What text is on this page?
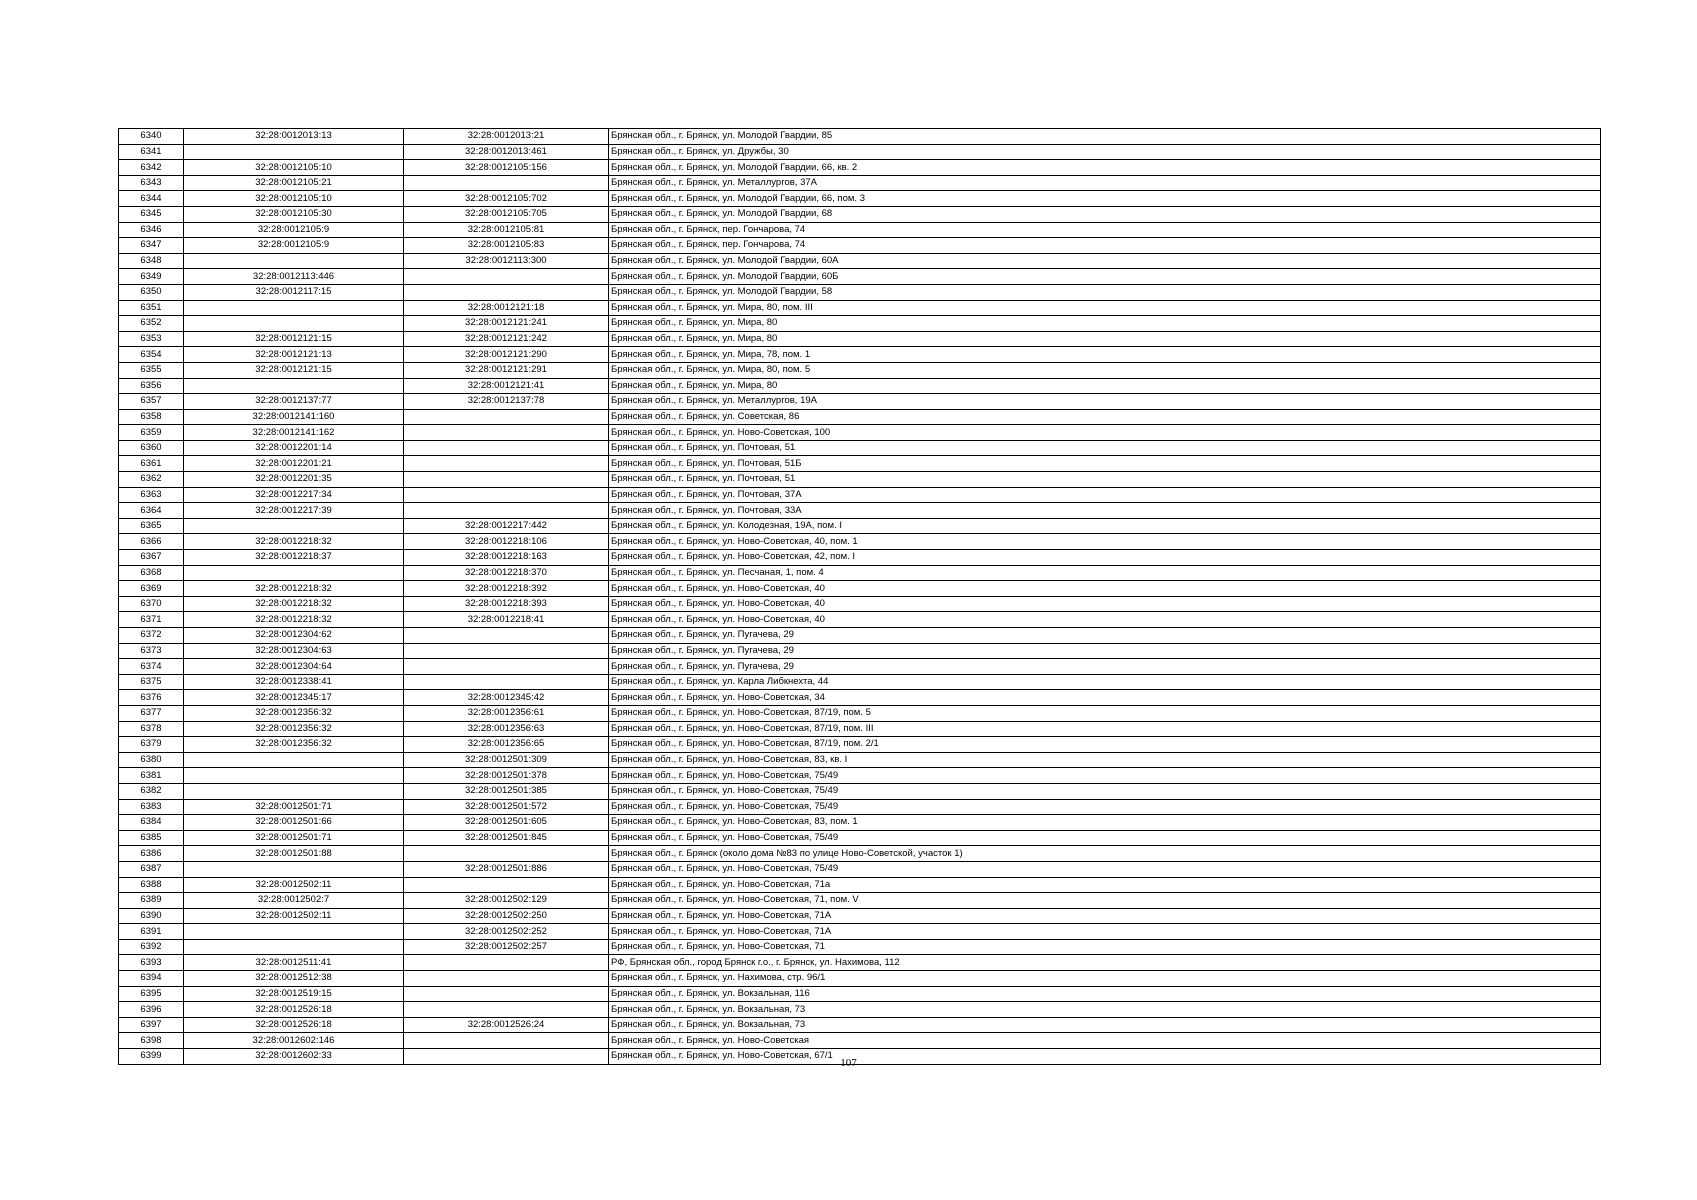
6340	32:28:0012013:13	32:28:0012013:21	Брянская обл., г. Брянск, ул. Молодой Гвардии, 85
6341		32:28:0012013:461	Брянская обл., г. Брянск, ул. Дружбы, 30
6342	32:28:0012105:10	32:28:0012105:156	Брянская обл., г. Брянск, ул. Молодой Гвардии, 66, кв. 2
6343	32:28:0012105:21		Брянская обл., г. Брянск, ул. Металлургов, 37А
6344	32:28:0012105:10	32:28:0012105:702	Брянская обл., г. Брянск, ул. Молодой Гвардии, 66, пом. 3
6345	32:28:0012105:30	32:28:0012105:705	Брянская обл., г. Брянск, ул. Молодой Гвардии, 68
6346	32:28:0012105:9	32:28:0012105:81	Брянская обл., г. Брянск, пер. Гончарова, 74
6347	32:28:0012105:9	32:28:0012105:83	Брянская обл., г. Брянск, пер. Гончарова, 74
6348		32:28:0012113:300	Брянская обл., г. Брянск, ул. Молодой Гвардии, 60А
6349	32:28:0012113:446		Брянская обл., г. Брянск, ул. Молодой Гвардии, 60Б
6350	32:28:0012117:15		Брянская обл., г. Брянск, ул. Молодой Гвардии, 58
6351		32:28:0012121:18	Брянская обл., г. Брянск, ул. Мира, 80, пом. III
6352		32:28:0012121:241	Брянская обл., г. Брянск, ул. Мира, 80
6353	32:28:0012121:15	32:28:0012121:242	Брянская обл., г. Брянск, ул. Мира, 80
6354	32:28:0012121:13	32:28:0012121:290	Брянская обл., г. Брянск, ул. Мира, 78, пом. 1
6355	32:28:0012121:15	32:28:0012121:291	Брянская обл., г. Брянск, ул. Мира, 80, пом. 5
6356		32:28:0012121:41	Брянская обл., г. Брянск, ул. Мира, 80
6357	32:28:0012137:77	32:28:0012137:78	Брянская обл., г. Брянск, ул. Металлургов, 19А
6358	32:28:0012141:160		Брянская обл., г. Брянск, ул. Советская, 86
6359	32:28:0012141:162		Брянская обл., г. Брянск, ул. Ново-Советская, 100
6360	32:28:0012201:14		Брянская обл., г. Брянск, ул. Почтовая, 51
6361	32:28:0012201:21		Брянская обл., г. Брянск, ул. Почтовая, 51Б
6362	32:28:0012201:35		Брянская обл., г. Брянск, ул. Почтовая, 51
6363	32:28:0012217:34		Брянская обл., г. Брянск, ул. Почтовая, 37А
6364	32:28:0012217:39		Брянская обл., г. Брянск, ул. Почтовая, 33А
6365		32:28:0012217:442	Брянская обл., г. Брянск, ул. Колодезная, 19А, пом. I
6366	32:28:0012218:32	32:28:0012218:106	Брянская обл., г. Брянск, ул. Ново-Советская, 40, пом. 1
6367	32:28:0012218:37	32:28:0012218:163	Брянская обл., г. Брянск, ул. Ново-Советская, 42, пом. I
6368		32:28:0012218:370	Брянская обл., г. Брянск, ул. Песчаная, 1, пом. 4
6369	32:28:0012218:32	32:28:0012218:392	Брянская обл., г. Брянск, ул. Ново-Советская, 40
6370	32:28:0012218:32	32:28:0012218:393	Брянская обл., г. Брянск, ул. Ново-Советская, 40
6371	32:28:0012218:32	32:28:0012218:41	Брянская обл., г. Брянск, ул. Ново-Советская, 40
6372	32:28:0012304:62		Брянская обл., г. Брянск, ул. Пугачева, 29
6373	32:28:0012304:63		Брянская обл., г. Брянск, ул. Пугачева, 29
6374	32:28:0012304:64		Брянская обл., г. Брянск, ул. Пугачева, 29
6375	32:28:0012338:41		Брянская обл., г. Брянск, ул. Карла Либкнехта, 44
6376	32:28:0012345:17	32:28:0012345:42	Брянская обл., г. Брянск, ул. Ново-Советская, 34
6377	32:28:0012356:32	32:28:0012356:61	Брянская обл., г. Брянск, ул. Ново-Советская, 87/19, пом. 5
6378	32:28:0012356:32	32:28:0012356:63	Брянская обл., г. Брянск, ул. Ново-Советская, 87/19, пом. III
6379	32:28:0012356:32	32:28:0012356:65	Брянская обл., г. Брянск, ул. Ново-Советская, 87/19, пом. 2/1
6380		32:28:0012501:309	Брянская обл., г. Брянск, ул. Ново-Советская, 83, кв. I
6381		32:28:0012501:378	Брянская обл., г. Брянск, ул. Ново-Советская, 75/49
6382		32:28:0012501:385	Брянская обл., г. Брянск, ул. Ново-Советская, 75/49
6383	32:28:0012501:71	32:28:0012501:572	Брянская обл., г. Брянск, ул. Ново-Советская, 75/49
6384	32:28:0012501:66	32:28:0012501:605	Брянская обл., г. Брянск, ул. Ново-Советская, 83, пом. 1
6385	32:28:0012501:71	32:28:0012501:845	Брянская обл., г. Брянск, ул. Ново-Советская, 75/49
6386	32:28:0012501:88		Брянская обл., г. Брянск (около дома №83 по улице Ново-Советской, участок 1)
6387		32:28:0012501:886	Брянская обл., г. Брянск, ул. Ново-Советская, 75/49
6388	32:28:0012502:11		Брянская обл., г. Брянск, ул. Ново-Советская, 71а
6389	32:28:0012502:7	32:28:0012502:129	Брянская обл., г. Брянск, ул. Ново-Советская, 71, пом. V
6390	32:28:0012502:11	32:28:0012502:250	Брянская обл., г. Брянск, ул. Ново-Советская, 71А
6391		32:28:0012502:252	Брянская обл., г. Брянск, ул. Ново-Советская, 71А
6392		32:28:0012502:257	Брянская обл., г. Брянск, ул. Ново-Советская, 71
6393	32:28:0012511:41		РФ, Брянская обл., город Брянск г.о., г. Брянск, ул. Нахимова, 112
6394	32:28:0012512:38		Брянская обл., г. Брянск, ул. Нахимова, стр. 96/1
6395	32:28:0012519:15		Брянская обл., г. Брянск, ул. Вокзальная, 116
6396	32:28:0012526:18		Брянская обл., г. Брянск, ул. Вокзальная, 73
6397	32:28:0012526:18	32:28:0012526:24	Брянская обл., г. Брянск, ул. Вокзальная, 73
6398	32:28:0012602:146		Брянская обл., г. Брянск, ул. Ново-Советская
6399	32:28:0012602:33		Брянская обл., г. Брянск, ул. Ново-Советская, 67/1
107
